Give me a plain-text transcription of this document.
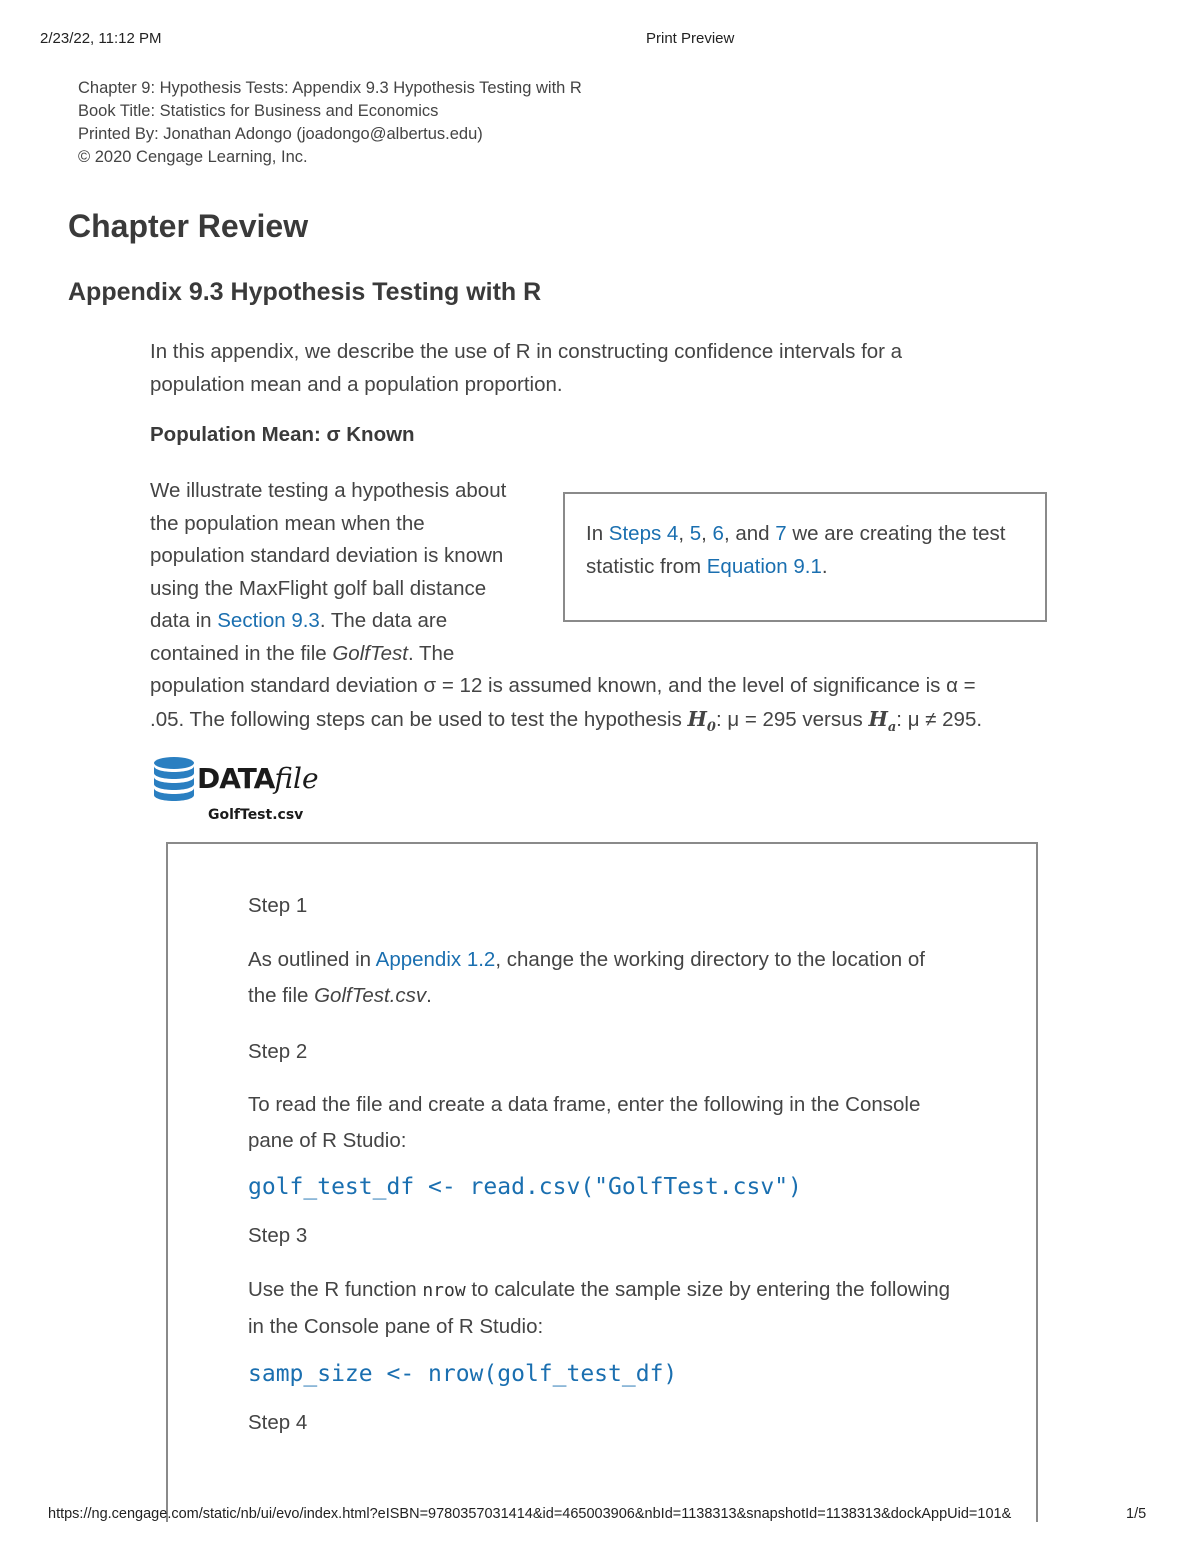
2/23/22, 11:12 PM	Print Preview
Chapter 9: Hypothesis Tests: Appendix 9.3 Hypothesis Testing with R
Book Title: Statistics for Business and Economics
Printed By: Jonathan Adongo (joadongo@albertus.edu)
© 2020 Cengage Learning, Inc.
Chapter Review
Appendix 9.3 Hypothesis Testing with R
In this appendix, we describe the use of R in constructing confidence intervals for a
population mean and a population proportion.
Population Mean: σ Known
We illustrate testing a hypothesis about
the population mean when the
population standard deviation is known
using the MaxFlight golf ball distance
data in Section 9.3. The data are
contained in the file GolfTest. The
population standard deviation σ = 12 is assumed known, and the level of significance is α =
.05. The following steps can be used to test the hypothesis $H_0$: μ = 295 versus $H_a$: μ ≠ 295.
In Steps 4, 5, 6, and 7 we are creating the test statistic from Equation 9.1.
DATAfile
GolfTest.csv
Step 1
As outlined in Appendix 1.2, change the working directory to the location of
the file GolfTest.csv.
Step 2
To read the file and create a data frame, enter the following in the Console
pane of R Studio:
golf_test_df <- read.csv("GolfTest.csv")
Step 3
Use the R function nrow to calculate the sample size by entering the following
in the Console pane of R Studio:
samp_size <- nrow(golf_test_df)
Step 4
https://ng.cengage.com/static/nb/ui/evo/index.html?eISBN=9780357031414&id=465003906&nbId=1138313&snapshotId=1138313&dockAppUid=101&	1/5
